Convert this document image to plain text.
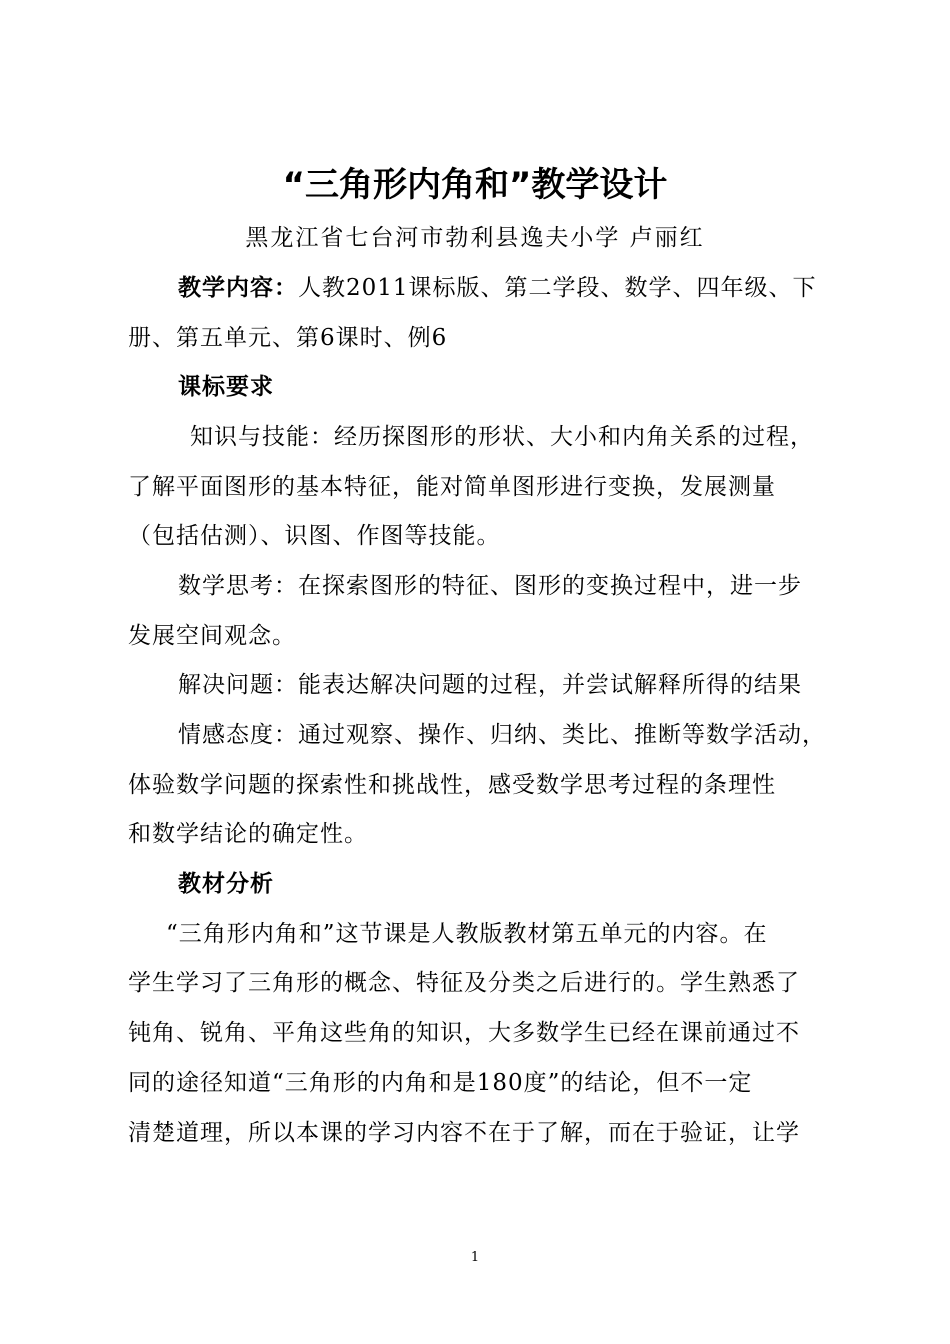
“三角形内角和”教学设计
黑龙江省七台河市勃利县逸夫小学 卢丽红
教学内容：人教2011课标版、第二学段、数学、四年级、下
册、第五单元、第6课时、例6
课标要求
知识与技能：经历探图形的形状、大小和内角关系的过程，
了解平面图形的基本特征，能对简单图形进行变换，发展测量
（包括估测）、识图、作图等技能。
数学思考：在探索图形的特征、图形的变换过程中，进一步
发展空间观念。
解决问题：能表达解决问题的过程，并尝试解释所得的结果
情感态度：通过观察、操作、归纳、类比、推断等数学活动，
体验数学问题的探索性和挑战性，感受数学思考过程的条理性
和数学结论的确定性。
教材分析
“三角形内角和”这节课是人教版教材第五单元的内容。在
学生学习了三角形的概念、特征及分类之后进行的。学生熟悉了
钝角、锐角、平角这些角的知识，大多数学生已经在课前通过不
同的途径知道“三角形的内角和是180度”的结论，但不一定
清楚道理，所以本课的学习内容不在于了解，而在于验证，让学
1
